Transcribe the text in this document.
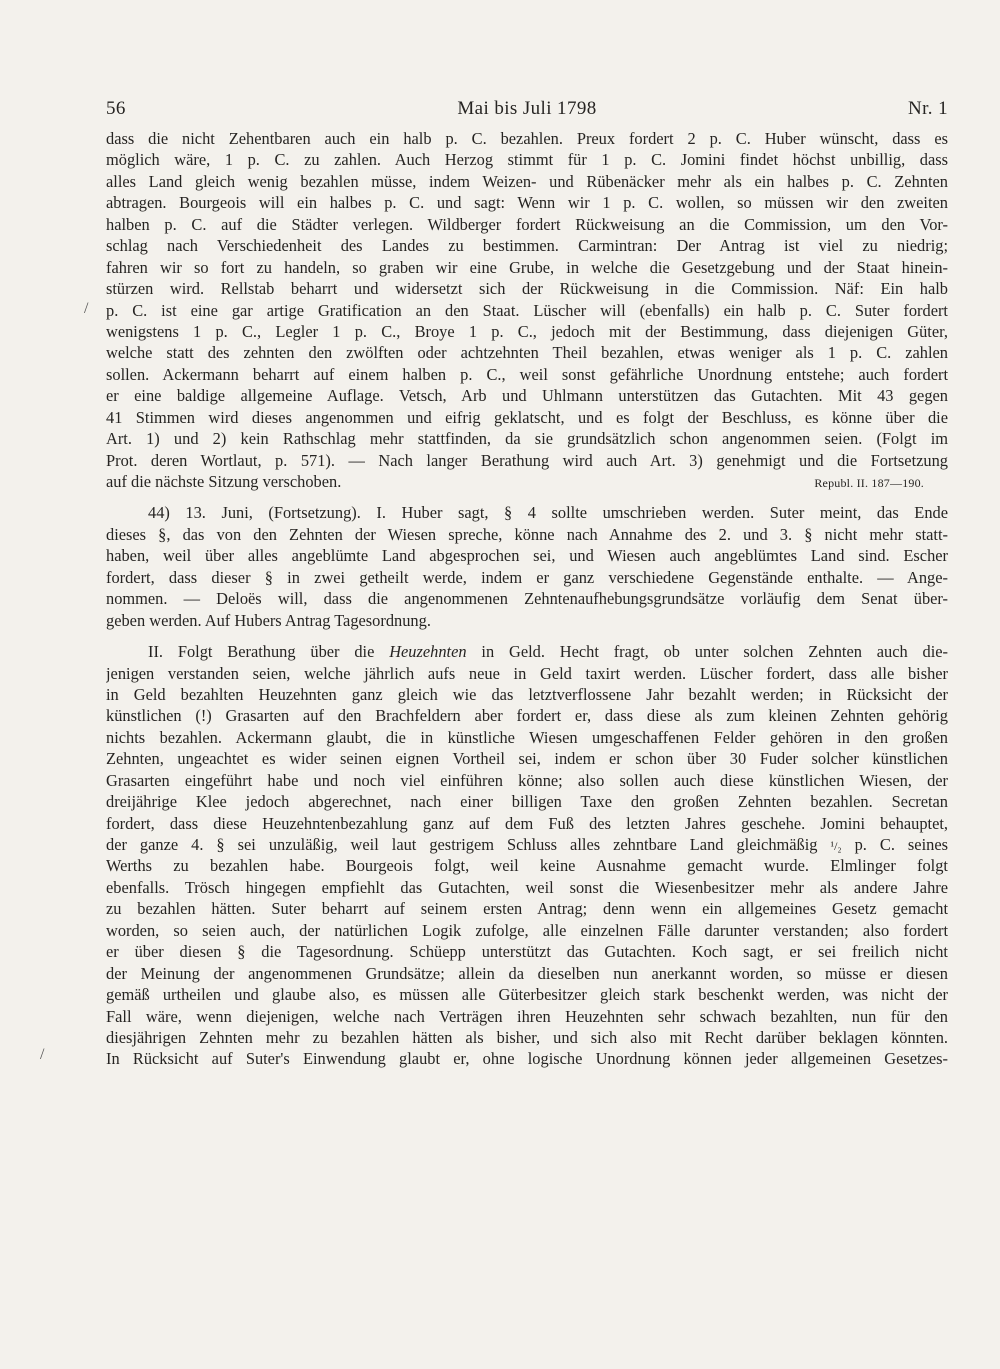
56	Mai bis Juli 1798	Nr. 1
dass die nicht Zehentbaren auch ein halb p. C. bezahlen. Preux fordert 2 p. C. Huber wünscht, dass es
möglich wäre, 1 p. C. zu zahlen. Auch Herzog stimmt für 1 p. C. Jomini findet höchst unbillig, dass
alles Land gleich wenig bezahlen müsse, indem Weizen- und Rübenäcker mehr als ein halbes p. C. Zehnten
abtragen. Bourgeois will ein halbes p. C. und sagt: Wenn wir 1 p. C. wollen, so müssen wir den zweiten
halben p. C. auf die Städter verlegen. Wildberger fordert Rückweisung an die Commission, um den Vor-
schlag nach Verschiedenheit des Landes zu bestimmen. Carmintran: Der Antrag ist viel zu niedrig;
fahren wir so fort zu handeln, so graben wir eine Grube, in welche die Gesetzgebung und der Staat hinein-
stürzen wird. Rellstab beharrt und widersetzt sich der Rückweisung in die Commission. Näf: Ein halb
p. C. ist eine gar artige Gratification an den Staat. Lüscher will (ebenfalls) ein halb p. C. Suter fordert
wenigstens 1 p. C., Legler 1 p. C., Broye 1 p. C., jedoch mit der Bestimmung, dass diejenigen Güter,
welche statt des zehnten den zwölften oder achtzehnten Theil bezahlen, etwas weniger als 1 p. C. zahlen
sollen. Ackermann beharrt auf einem halben p. C., weil sonst gefährliche Unordnung entstehe; auch fordert
er eine baldige allgemeine Auflage. Vetsch, Arb und Uhlmann unterstützen das Gutachten. Mit 43 gegen
41 Stimmen wird dieses angenommen und eifrig geklatscht, und es folgt der Beschluss, es könne über die
Art. 1) und 2) kein Rathschlag mehr stattfinden, da sie grundsätzlich schon angenommen seien. (Folgt im
Prot. deren Wortlaut, p. 571). — Nach langer Berathung wird auch Art. 3) genehmigt und die Fortsetzung
auf die nächste Sitzung verschoben.	Republ. II. 187—190.
44) 13. Juni, (Fortsetzung). I. Huber sagt, § 4 sollte umschrieben werden. Suter meint, das Ende
dieses §, das von den Zehnten der Wiesen spreche, könne nach Annahme des 2. und 3. § nicht mehr statt-
haben, weil über alles angeblümte Land abgesprochen sei, und Wiesen auch angeblümtes Land sind. Escher
fordert, dass dieser § in zwei getheilt werde, indem er ganz verschiedene Gegenstände enthalte. — Ange-
nommen. — Deloës will, dass die angenommenen Zehntenaufhebungsgrundsätze vorläufig dem Senat über-
geben werden. Auf Hubers Antrag Tagesordnung.
II. Folgt Berathung über die Heuzehnten in Geld. Hecht fragt, ob unter solchen Zehnten auch die-
jenigen verstanden seien, welche jährlich aufs neue in Geld taxirt werden. Lüscher fordert, dass alle bisher
in Geld bezahlten Heuzehnten ganz gleich wie das letztverflossene Jahr bezahlt werden; in Rücksicht der
künstlichen (!) Grasarten auf den Brachfeldern aber fordert er, dass diese als zum kleinen Zehnten gehörig
nichts bezahlen. Ackermann glaubt, die in künstliche Wiesen umgeschaffenen Felder gehören in den großen
Zehnten, ungeachtet es wider seinen eignen Vortheil sei, indem er schon über 30 Fuder solcher künstlichen
Grasarten eingeführt habe und noch viel einführen könne; also sollen auch diese künstlichen Wiesen, der
dreijährige Klee jedoch abgerechnet, nach einer billigen Taxe den großen Zehnten bezahlen. Secretan
fordert, dass diese Heuzehntenbezahlung ganz auf dem Fuß des letzten Jahres geschehe. Jomini behauptet,
der ganze 4. § sei unzuläßig, weil laut gestrigem Schluss alles zehntbare Land gleichmäßig ¹/₂ p. C. seines
Werths zu bezahlen habe. Bourgeois folgt, weil keine Ausnahme gemacht wurde. Elmlinger folgt
ebenfalls. Trösch hingegen empfiehlt das Gutachten, weil sonst die Wiesenbesitzer mehr als andere Jahre
zu bezahlen hätten. Suter beharrt auf seinem ersten Antrag; denn wenn ein allgemeines Gesetz gemacht
worden, so seien auch, der natürlichen Logik zufolge, alle einzelnen Fälle darunter verstanden; also fordert
er über diesen § die Tagesordnung. Schüepp unterstützt das Gutachten. Koch sagt, er sei freilich nicht
der Meinung der angenommenen Grundsätze; allein da dieselben nun anerkannt worden, so müsse er diesen
gemäß urtheilen und glaube also, es müssen alle Güterbesitzer gleich stark beschenkt werden, was nicht der
Fall wäre, wenn diejenigen, welche nach Verträgen ihren Heuzehnten sehr schwach bezahlten, nun für den
diesjährigen Zehnten mehr zu bezahlen hätten als bisher, und sich also mit Recht darüber beklagen könnten.
In Rücksicht auf Suter's Einwendung glaubt er, ohne logische Unordnung können jeder allgemeinen Gesetzes-
/
/
